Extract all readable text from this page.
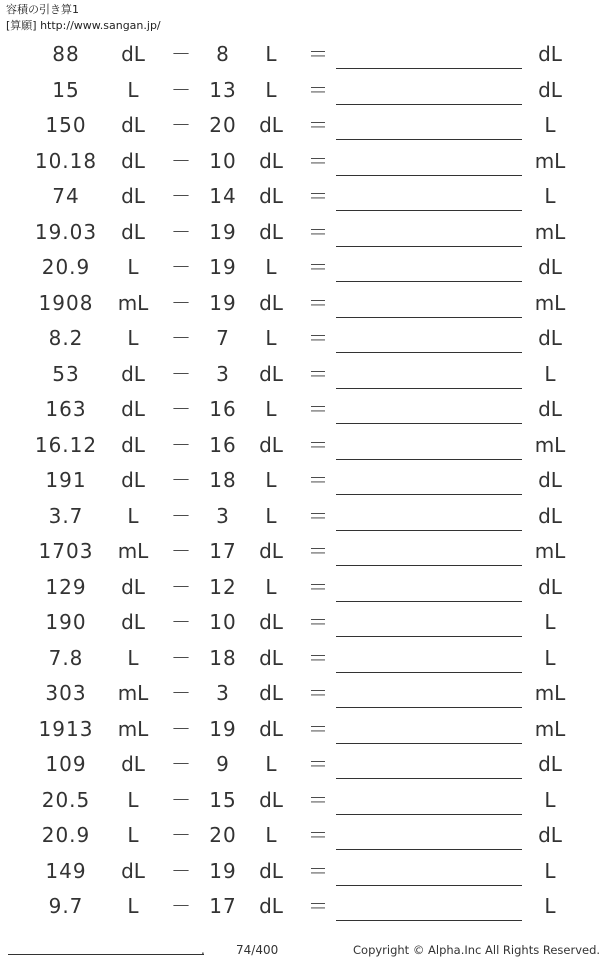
容積の引き算1
[算願] http://www.sangan.jp/
88	dL	－	8	L	＝	dL
15	L	－ 13	L	＝	dL
150	dL	－ 20	dL	＝	L
10.18	dL	－ 10	dL	＝	mL
74	dL	－ 14	dL	＝	L
19.03	dL	－ 19	dL	＝	mL
20.9	L	－ 19	L	＝	dL
1908	mL	－ 19	dL	＝	mL
8.2	L	－	7	L	＝	dL
53	dL	－	3	dL	＝	L
163	dL	－ 16	L	＝	dL
16.12	dL	－ 16	dL	＝	mL
191	dL	－ 18	L	＝	dL
3.7	L	－	3	L	＝	dL
1703	mL	－ 17	dL	＝	mL
129	dL	－ 12	L	＝	dL
190	dL	－ 10	dL	＝	L
7.8	L	－ 18	dL	＝	L
303	mL	－	3	dL	＝	mL
1913	mL	－ 19	dL	＝	mL
109	dL	－	9	L	＝	dL
20.5	L	－ 15	dL	＝	L
20.9	L	－ 20	L	＝	dL
149	dL	－ 19	dL	＝	L
9.7	L	－ 17	dL	＝	L
.	74/400	Copyright © Alpha.Inc All Rights Reserved.
